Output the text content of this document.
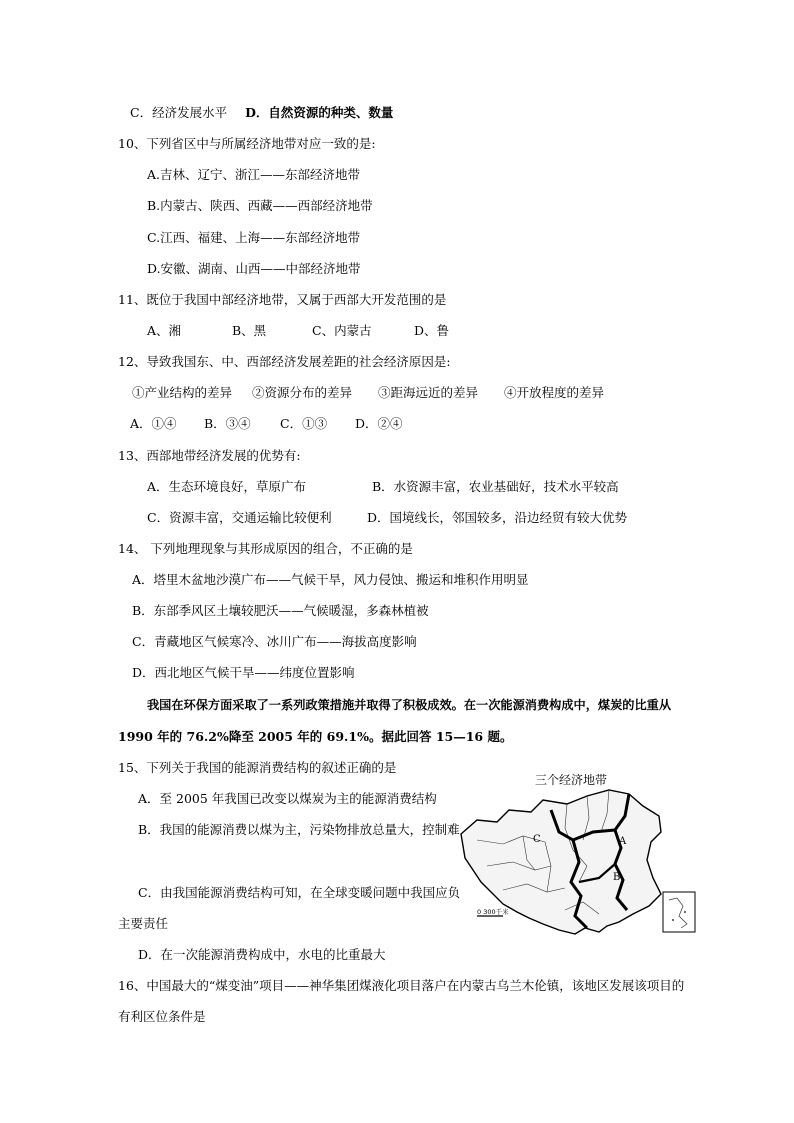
C．经济发展水平 D．自然资源的种类、数量
10、下列省区中与所属经济地带对应一致的是:
A.吉林、辽宁、浙江——东部经济地带
B.内蒙古、陕西、西藏——西部经济地带
C.江西、福建、上海——东部经济地带
D.安徽、湖南、山西——中部经济地带
11、既位于我国中部经济地带，又属于西部大开发范围的是
A、湘	B、黑	C、内蒙古	D、鲁
12、导致我国东、中、西部经济发展差距的社会经济原因是:
①产业结构的差异 ②资源分布的差异 ③距海远近的差异 ④开放程度的差异
A．①④ B．③④ C．①③ D．②④
13、西部地带经济发展的优势有:
A．生态环境良好，草原广布	B．水资源丰富，农业基础好，技术水平较高
C．资源丰富，交通运输比较便利	D．国境线长，邻国较多，沿边经贸有较大优势
14、 下列地理现象与其形成原因的组合，不正确的是
A．塔里木盆地沙漠广布——气候干旱，风力侵蚀、搬运和堆积作用明显
B．东部季风区土壤较肥沃——气候暖湿，多森林植被
C．青藏地区气候寒冷、冰川广布——海拔高度影响
D．西北地区气候干旱——纬度位置影响
我国在环保方面采取了一系列政策措施并取得了积极成效。在一次能源消费构成中，煤炭的比重从
1990 年的 76.2%降至 2005 年的 69.1%。据此回答 15—16 题。
15、下列关于我国的能源消费结构的叙述正确的是
A．至 2005 年我国已改变以煤炭为主的能源消费结构
B．我国的能源消费以煤为主，污染物排放总量大，控制难
C．由我国能源消费结构可知，在全球变暖问题中我国应负
主要责任
D．在一次能源消费构成中，水电的比重最大
16、中国最大的“煤变油”项目——神华集团煤液化项目落户在内蒙古乌兰木伦镇，该地区发展该项目的
有利区位条件是
三个经济地带
C	A
B
0 300千米
